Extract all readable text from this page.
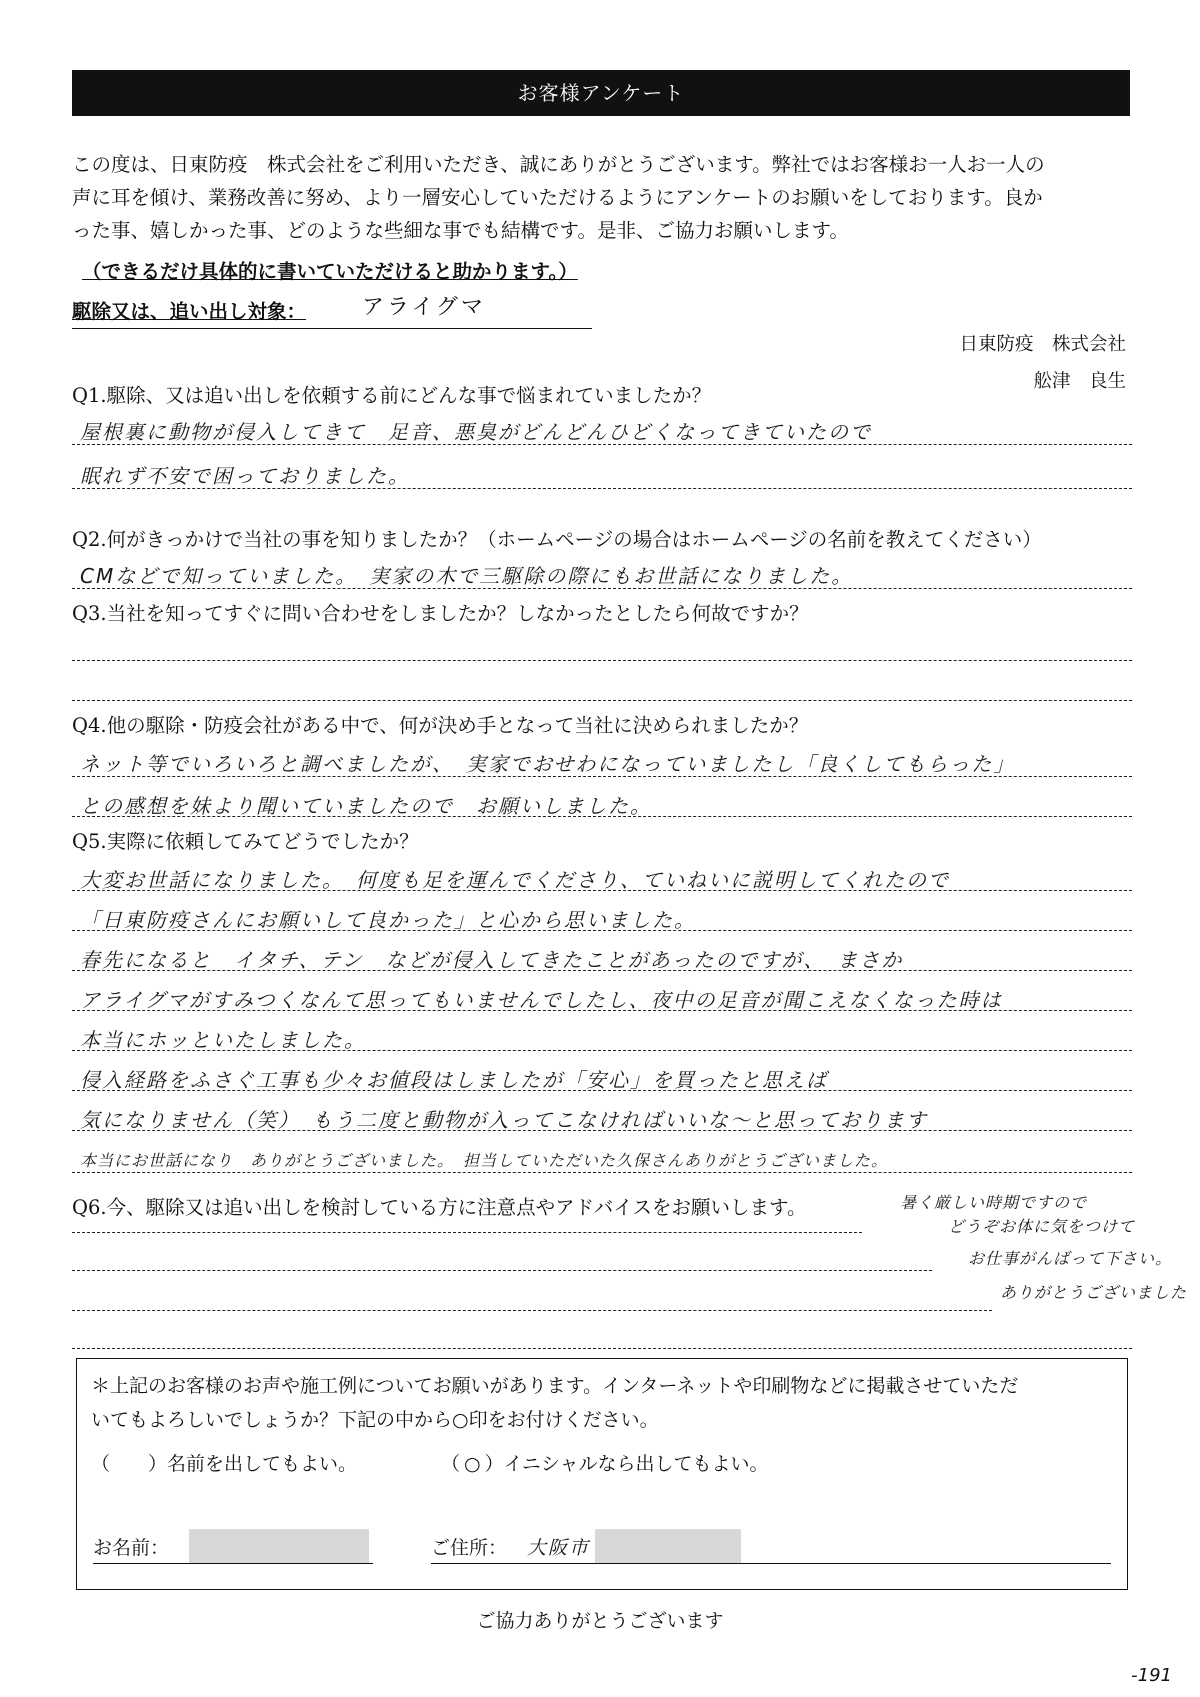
お客様アンケート

この度は、日東防疫　株式会社をご利用いただき、誠にありがとうございます。弊社ではお客様お一人お一人の

声に耳を傾け、業務改善に努め、より一層安心していただけるようにアンケートのお願いをしております。良か

った事、嬉しかった事、どのような些細な事でも結構です。是非、ご協力お願いします。

（できるだけ具体的に書いていただけると助かります。）
駆除又は、追い出し対象：	アライグマ
日東防疫　株式会社
舩津　良生
Q1.駆除、又は追い出しを依頼する前にどんな事で悩まれていましたか？
屋根裏に動物が侵入してきて　足音、悪臭がどんどんひどくなってきていたので
眠れず不安で困っておりました。
Q2.何がきっかけで当社の事を知りましたか？（ホームページの場合はホームページの名前を教えてください）
CMなどで知っていました。　実家の木で三駆除の際にもお世話になりました。
Q3.当社を知ってすぐに問い合わせをしましたか？しなかったとしたら何故ですか？
Q4.他の駆除・防疫会社がある中で、何が決め手となって当社に決められましたか？
ネット等でいろいろと調べましたが、　実家でおせわになっていましたし「良くしてもらった」
との感想を妹より聞いていましたので　お願いしました。
Q5.実際に依頼してみてどうでしたか？
大変お世話になりました。　何度も足を運んでくださり、ていねいに説明してくれたので
「日東防疫さんにお願いして良かった」と心から思いました。
春先になると　イタチ、テン　などが侵入してきたことがあったのですが、　まさか
アライグマがすみつくなんて思ってもいませんでしたし、夜中の足音が聞こえなくなった時は
本当にホッといたしました。
侵入経路をふさぐ工事も少々お値段はしましたが「安心」を買ったと思えば
気になりません（笑）　もう二度と動物が入ってこなければいいな～と思っております
本当にお世話になり　ありがとうございました。　担当していただいた久保さんありがとうございました。
Q6.今、駆除又は追い出しを検討している方に注意点やアドバイスをお願いします。	暑く厳しい時期ですので
どうぞお体に気をつけて
お仕事がんばって下さい。
ありがとうございました

＊上記のお客様のお声や施工例についてお願いがあります。インターネットや印刷物などに掲載させていただ

いてもよろしいでしょうか？下記の中から○印をお付けください。

（　　）名前を出してもよい。	（ ○ ）イニシャルなら出してもよい。
お名前：	ご住所： 大阪市
ご協力ありがとうございます
-191
